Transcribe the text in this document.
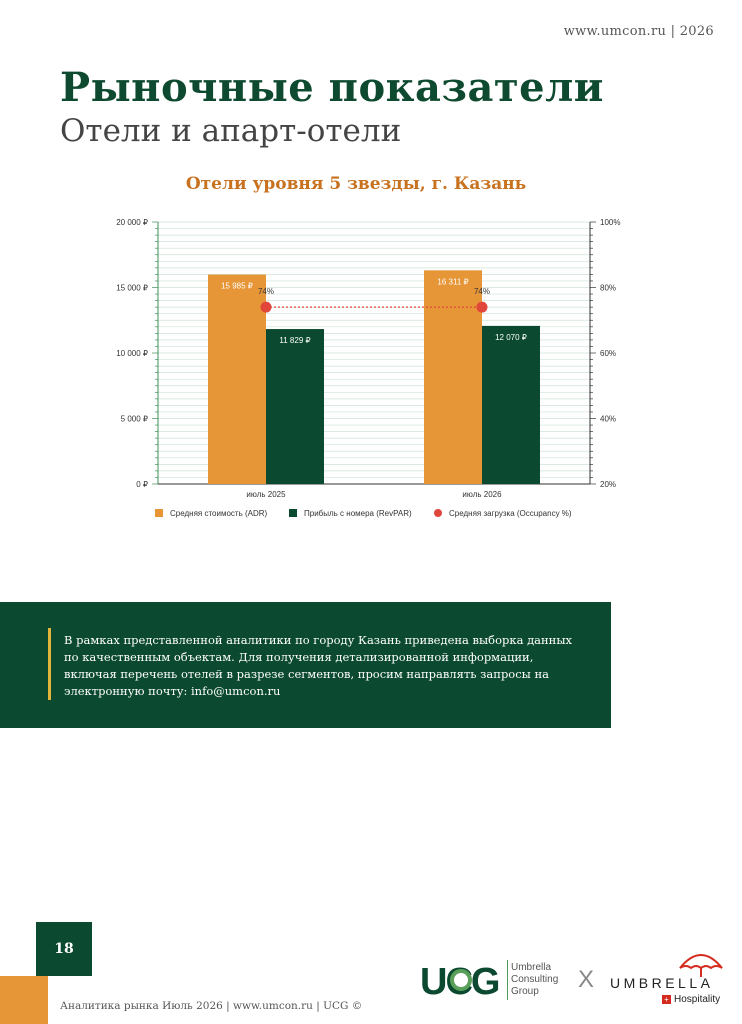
www.umcon.ru | 2026
Рыночные показатели
Отели и апарт-отели
Отели уровня 5 звезды, г. Казань
0 ₽
5 000 ₽
10 000 ₽
15 000 ₽
20 000 ₽
20%
40%
60%
80%
100%
15 985 ₽
11 829 ₽
июль 2025
16 311 ₽
12 070 ₽
июль 2026
74%	74%
Средняя стоимость (ADR)	Прибыль с номера (RevPAR)	Средняя загрузка (Occupancy %)
В рамках представленной аналитики по городу Казань приведена выборка данных по качественным объектам. Для получения детализированной информации, включая перечень отелей в разрезе сегментов, просим направлять запросы на электронную почту: info@umcon.ru
18
Аналитика рынка Июль 2026 | www.umcon.ru | UCG ©
UCG Umbrella
Consulting
Group	X UMBRELLA
+ Hospitality
